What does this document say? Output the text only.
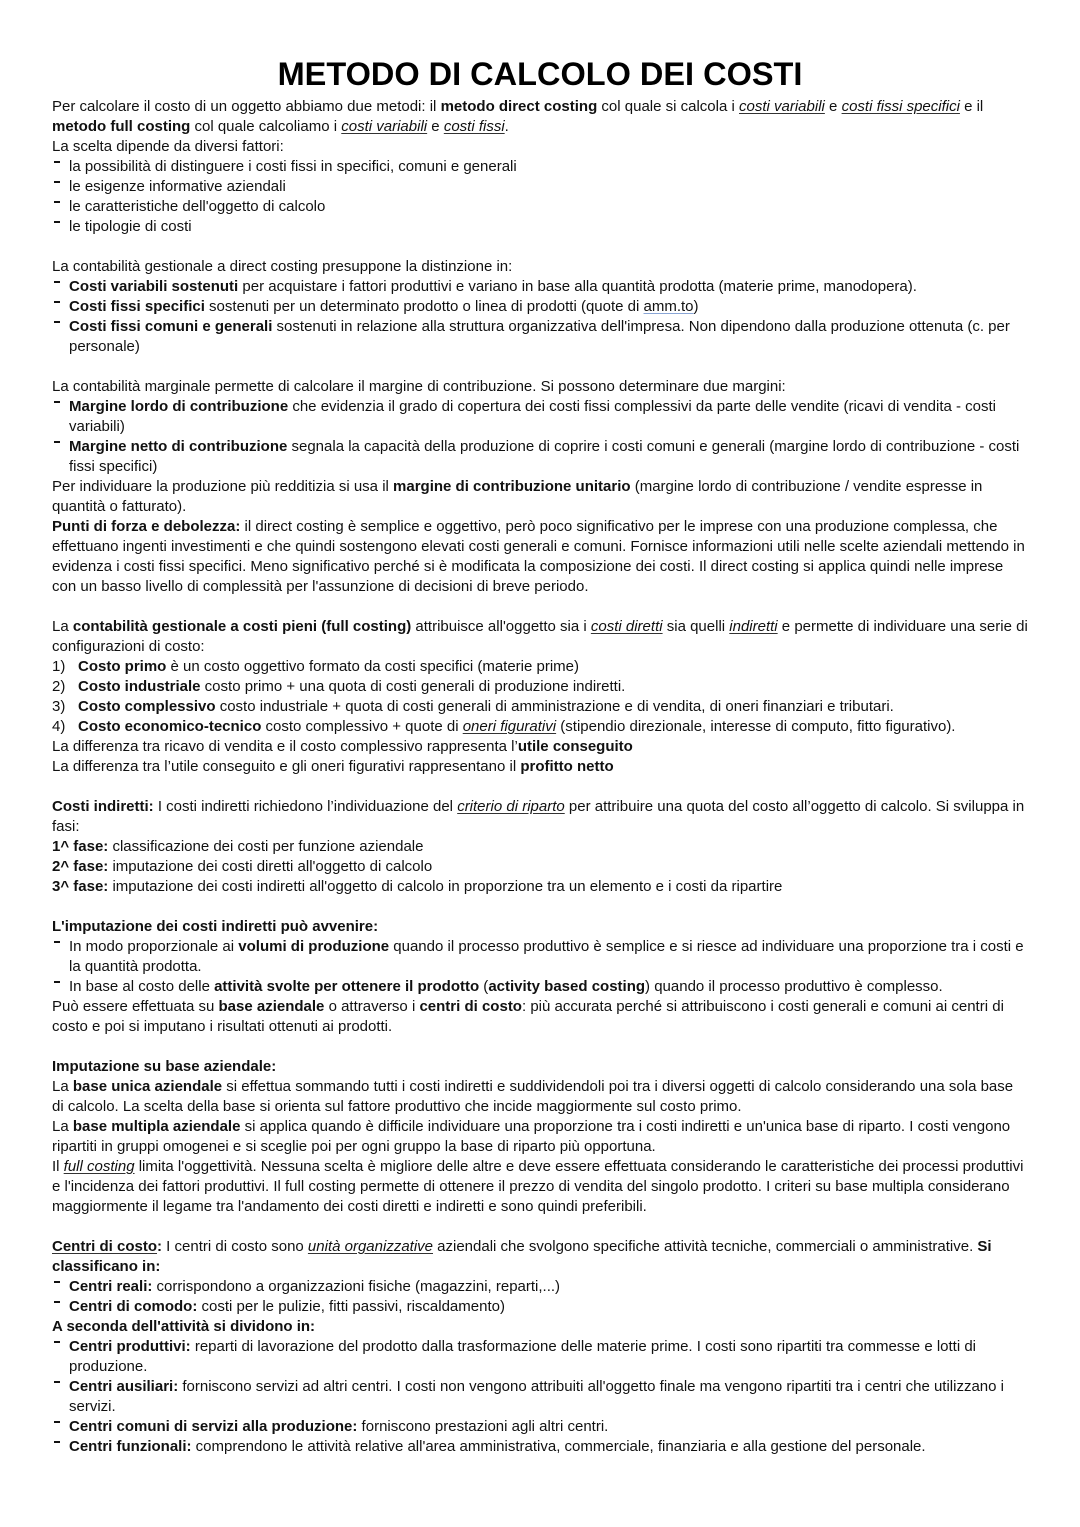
METODO DI CALCOLO DEI COSTI
Per calcolare il costo di un oggetto abbiamo due metodi: il metodo direct costing col quale si calcola i costi variabili e costi fissi specifici e il metodo full costing col quale calcoliamo i costi variabili e costi fissi.
La scelta dipende da diversi fattori:
la possibilità di distinguere i costi fissi in specifici, comuni e generali
le esigenze informative aziendali
le caratteristiche dell'oggetto di calcolo
le tipologie di costi
La contabilità gestionale a direct costing presuppone la distinzione in:
Costi variabili sostenuti per acquistare i fattori produttivi e variano in base alla quantità prodotta (materie prime, manodopera).
Costi fissi specifici sostenuti per un determinato prodotto o linea di prodotti (quote di amm.to)
Costi fissi comuni e generali sostenuti in relazione alla struttura organizzativa dell'impresa. Non dipendono dalla produzione ottenuta (c. per personale)
La contabilità marginale permette di calcolare il margine di contribuzione. Si possono determinare due margini:
Margine lordo di contribuzione che evidenzia il grado di copertura dei costi fissi complessivi da parte delle vendite (ricavi di vendita - costi variabili)
Margine netto di contribuzione segnala la capacità della produzione di coprire i costi comuni e generali (margine lordo di contribuzione - costi fissi specifici)
Per individuare la produzione più redditizia si usa il margine di contribuzione unitario (margine lordo di contribuzione / vendite espresse in quantità o fatturato).
Punti di forza e debolezza: il direct costing è semplice e oggettivo, però poco significativo per le imprese con una produzione complessa, che effettuano ingenti investimenti e che quindi sostengono elevati costi generali e comuni. Fornisce informazioni utili nelle scelte aziendali mettendo in evidenza i costi fissi specifici. Meno significativo perché si è modificata la composizione dei costi. Il direct costing si applica quindi nelle imprese con un basso livello di complessità per l'assunzione di decisioni di breve periodo.
La contabilità gestionale a costi pieni (full costing) attribuisce all'oggetto sia i costi diretti sia quelli indiretti e permette di individuare una serie di configurazioni di costo:
1) Costo primo è un costo oggettivo formato da costi specifici (materie prime)
2) Costo industriale costo primo + una quota di costi generali di produzione indiretti.
3) Costo complessivo costo industriale + quota di costi generali di amministrazione e di vendita, di oneri finanziari e tributari.
4) Costo economico-tecnico costo complessivo + quote di oneri figurativi (stipendio direzionale, interesse di computo, fitto figurativo).
La differenza tra ricavo di vendita e il costo complessivo rappresenta l’utile conseguito
La differenza tra l’utile conseguito e gli oneri figurativi rappresentano il profitto netto
Costi indiretti: I costi indiretti richiedono l’individuazione del criterio di riparto per attribuire una quota del costo all’oggetto di calcolo. Si sviluppa in fasi:
1^ fase: classificazione dei costi per funzione aziendale
2^ fase: imputazione dei costi diretti all'oggetto di calcolo
3^ fase: imputazione dei costi indiretti all'oggetto di calcolo in proporzione tra un elemento e i costi da ripartire
L'imputazione dei costi indiretti può avvenire:
In modo proporzionale ai volumi di produzione quando il processo produttivo è semplice e si riesce ad individuare una proporzione tra i costi e la quantità prodotta.
In base al costo delle attività svolte per ottenere il prodotto (activity based costing) quando il processo produttivo è complesso.
Può essere effettuata su base aziendale o attraverso i centri di costo: più accurata perché si attribuiscono i costi generali e comuni ai centri di costo e poi si imputano i risultati ottenuti ai prodotti.
Imputazione su base aziendale:
La base unica aziendale si effettua sommando tutti i costi indiretti e suddividendoli poi tra i diversi oggetti di calcolo considerando una sola base di calcolo. La scelta della base si orienta sul fattore produttivo che incide maggiormente sul costo primo.
La base multipla aziendale si applica quando è difficile individuare una proporzione tra i costi indiretti e un'unica base di riparto. I costi vengono ripartiti in gruppi omogenei e si sceglie poi per ogni gruppo la base di riparto più opportuna.
Il full costing limita l'oggettività. Nessuna scelta è migliore delle altre e deve essere effettuata considerando le caratteristiche dei processi produttivi e l'incidenza dei fattori produttivi. Il full costing permette di ottenere il prezzo di vendita del singolo prodotto. I criteri su base multipla considerano maggiormente il legame tra l'andamento dei costi diretti e indiretti e sono quindi preferibili.
Centri di costo: I centri di costo sono unità organizzative aziendali che svolgono specifiche attività tecniche, commerciali o amministrative. Si classificano in:
Centri reali: corrispondono a organizzazioni fisiche (magazzini, reparti,...)
Centri di comodo: costi per le pulizie, fitti passivi, riscaldamento)
A seconda dell'attività si dividono in:
Centri produttivi: reparti di lavorazione del prodotto dalla trasformazione delle materie prime. I costi sono ripartiti tra commesse e lotti di produzione.
Centri ausiliari: forniscono servizi ad altri centri. I costi non vengono attribuiti all'oggetto finale ma vengono ripartiti tra i centri che utilizzano i servizi.
Centri comuni di servizi alla produzione: forniscono prestazioni agli altri centri.
Centri funzionali: comprendono le attività relative all'area amministrativa, commerciale, finanziaria e alla gestione del personale.
